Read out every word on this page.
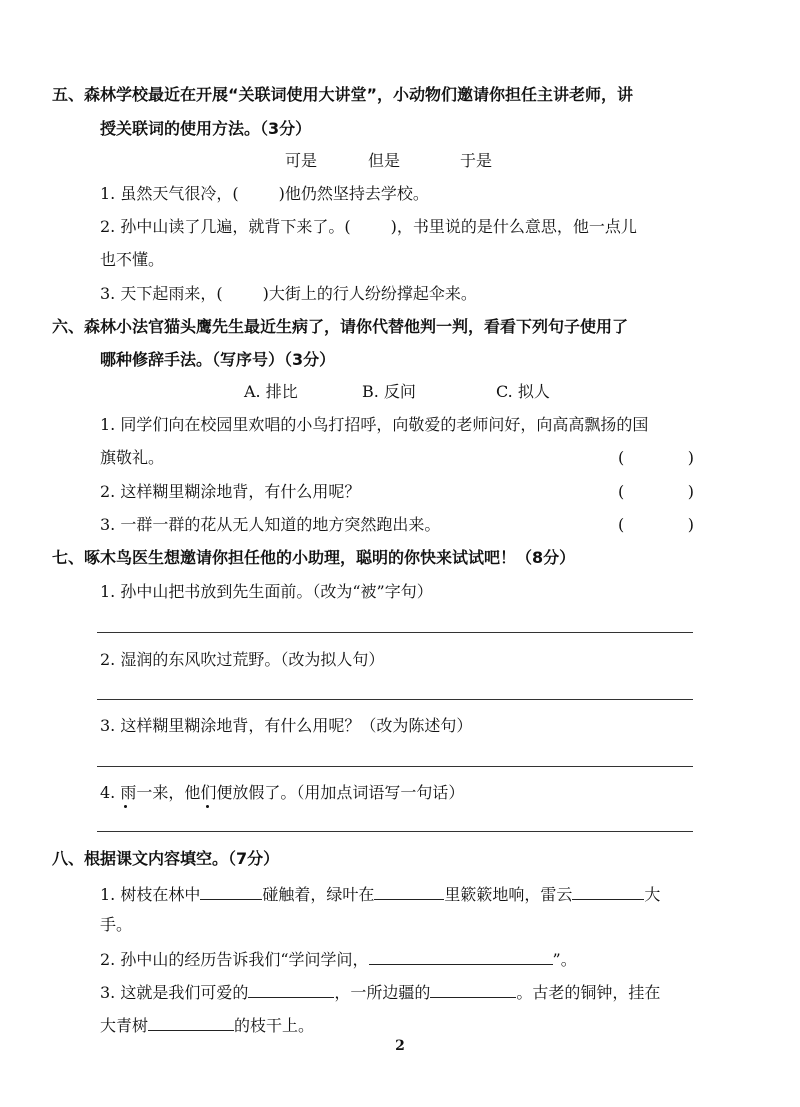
五、森林学校最近在开展“关联词使用大讲堂”，小动物们邀请你担任主讲老师，讲
授关联词的使用方法。（3分）
可是	但是	于是
1. 虽然天气很冷，(	)他仍然坚持去学校。
2. 孙中山读了几遍，就背下来了。(	)，书里说的是什么意思，他一点儿
也不懂。
3. 天下起雨来，(	)大街上的行人纷纷撑起伞来。
六、森林小法官猫头鹰先生最近生病了，请你代替他判一判，看看下列句子使用了
哪种修辞手法。（写序号）（3分）
A. 排比	B. 反问	C. 拟人
1. 同学们向在校园里欢唱的小鸟打招呼，向敬爱的老师问好，向高高飘扬的国
旗敬礼。	(	)
2. 这样糊里糊涂地背，有什么用呢？	(	)
3. 一群一群的花从无人知道的地方突然跑出来。	(	)
七、啄木鸟医生想邀请你担任他的小助理，聪明的你快来试试吧！（8分）
1. 孙中山把书放到先生面前。（改为“被”字句）
2. 湿润的东风吹过荒野。（改为拟人句）
3. 这样糊里糊涂地背，有什么用呢？（改为陈述句）
4. 雨一来，他们便放假了。（用加点词语写一句话）
八、根据课文内容填空。（7分）
1. 树枝在林中	碰触着，绿叶在	里簌簌地响，雷云	大
手。
2. 孙中山的经历告诉我们“学问学问，	”。
3. 这就是我们可爱的	，一所边疆的	。古老的铜钟，挂在
大青树	的枝干上。
2
